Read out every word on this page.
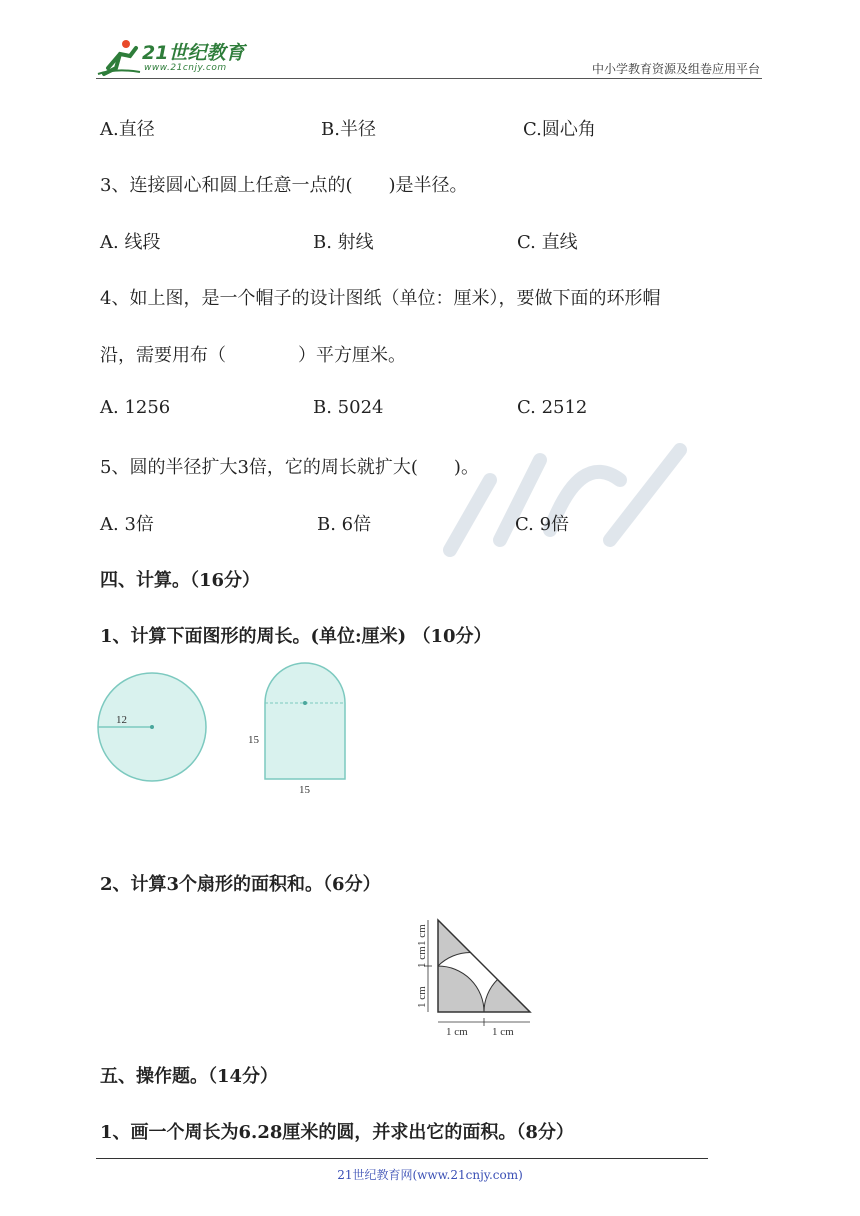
21世纪教育
www.21cnjy.com	中小学教育资源及组卷应用平台
A.直径	B.半径	C.圆心角
3、连接圆心和圆上任意一点的(　　)是半径。
A. 线段	B. 射线	C. 直线
4、如上图，是一个帽子的设计图纸（单位：厘米），要做下面的环形帽
沿，需要用布（　　　　）平方厘米。
A. 1256	B. 5024	C. 2512
5、圆的半径扩大3倍，它的周长就扩大(　　)。
A. 3倍	B. 6倍	C. 9倍
四、计算。（16分）
1、计算下面图形的周长。(单位:厘米) （10分）
12
15
15
2、计算3个扇形的面积和。（6分）
1 cm
1 cm
1 cm
1 cm 1 cm
五、操作题。（14分）
1、画一个周长为6.28厘米的圆，并求出它的面积。（8分）
21世纪教育网(www.21cnjy.com)
